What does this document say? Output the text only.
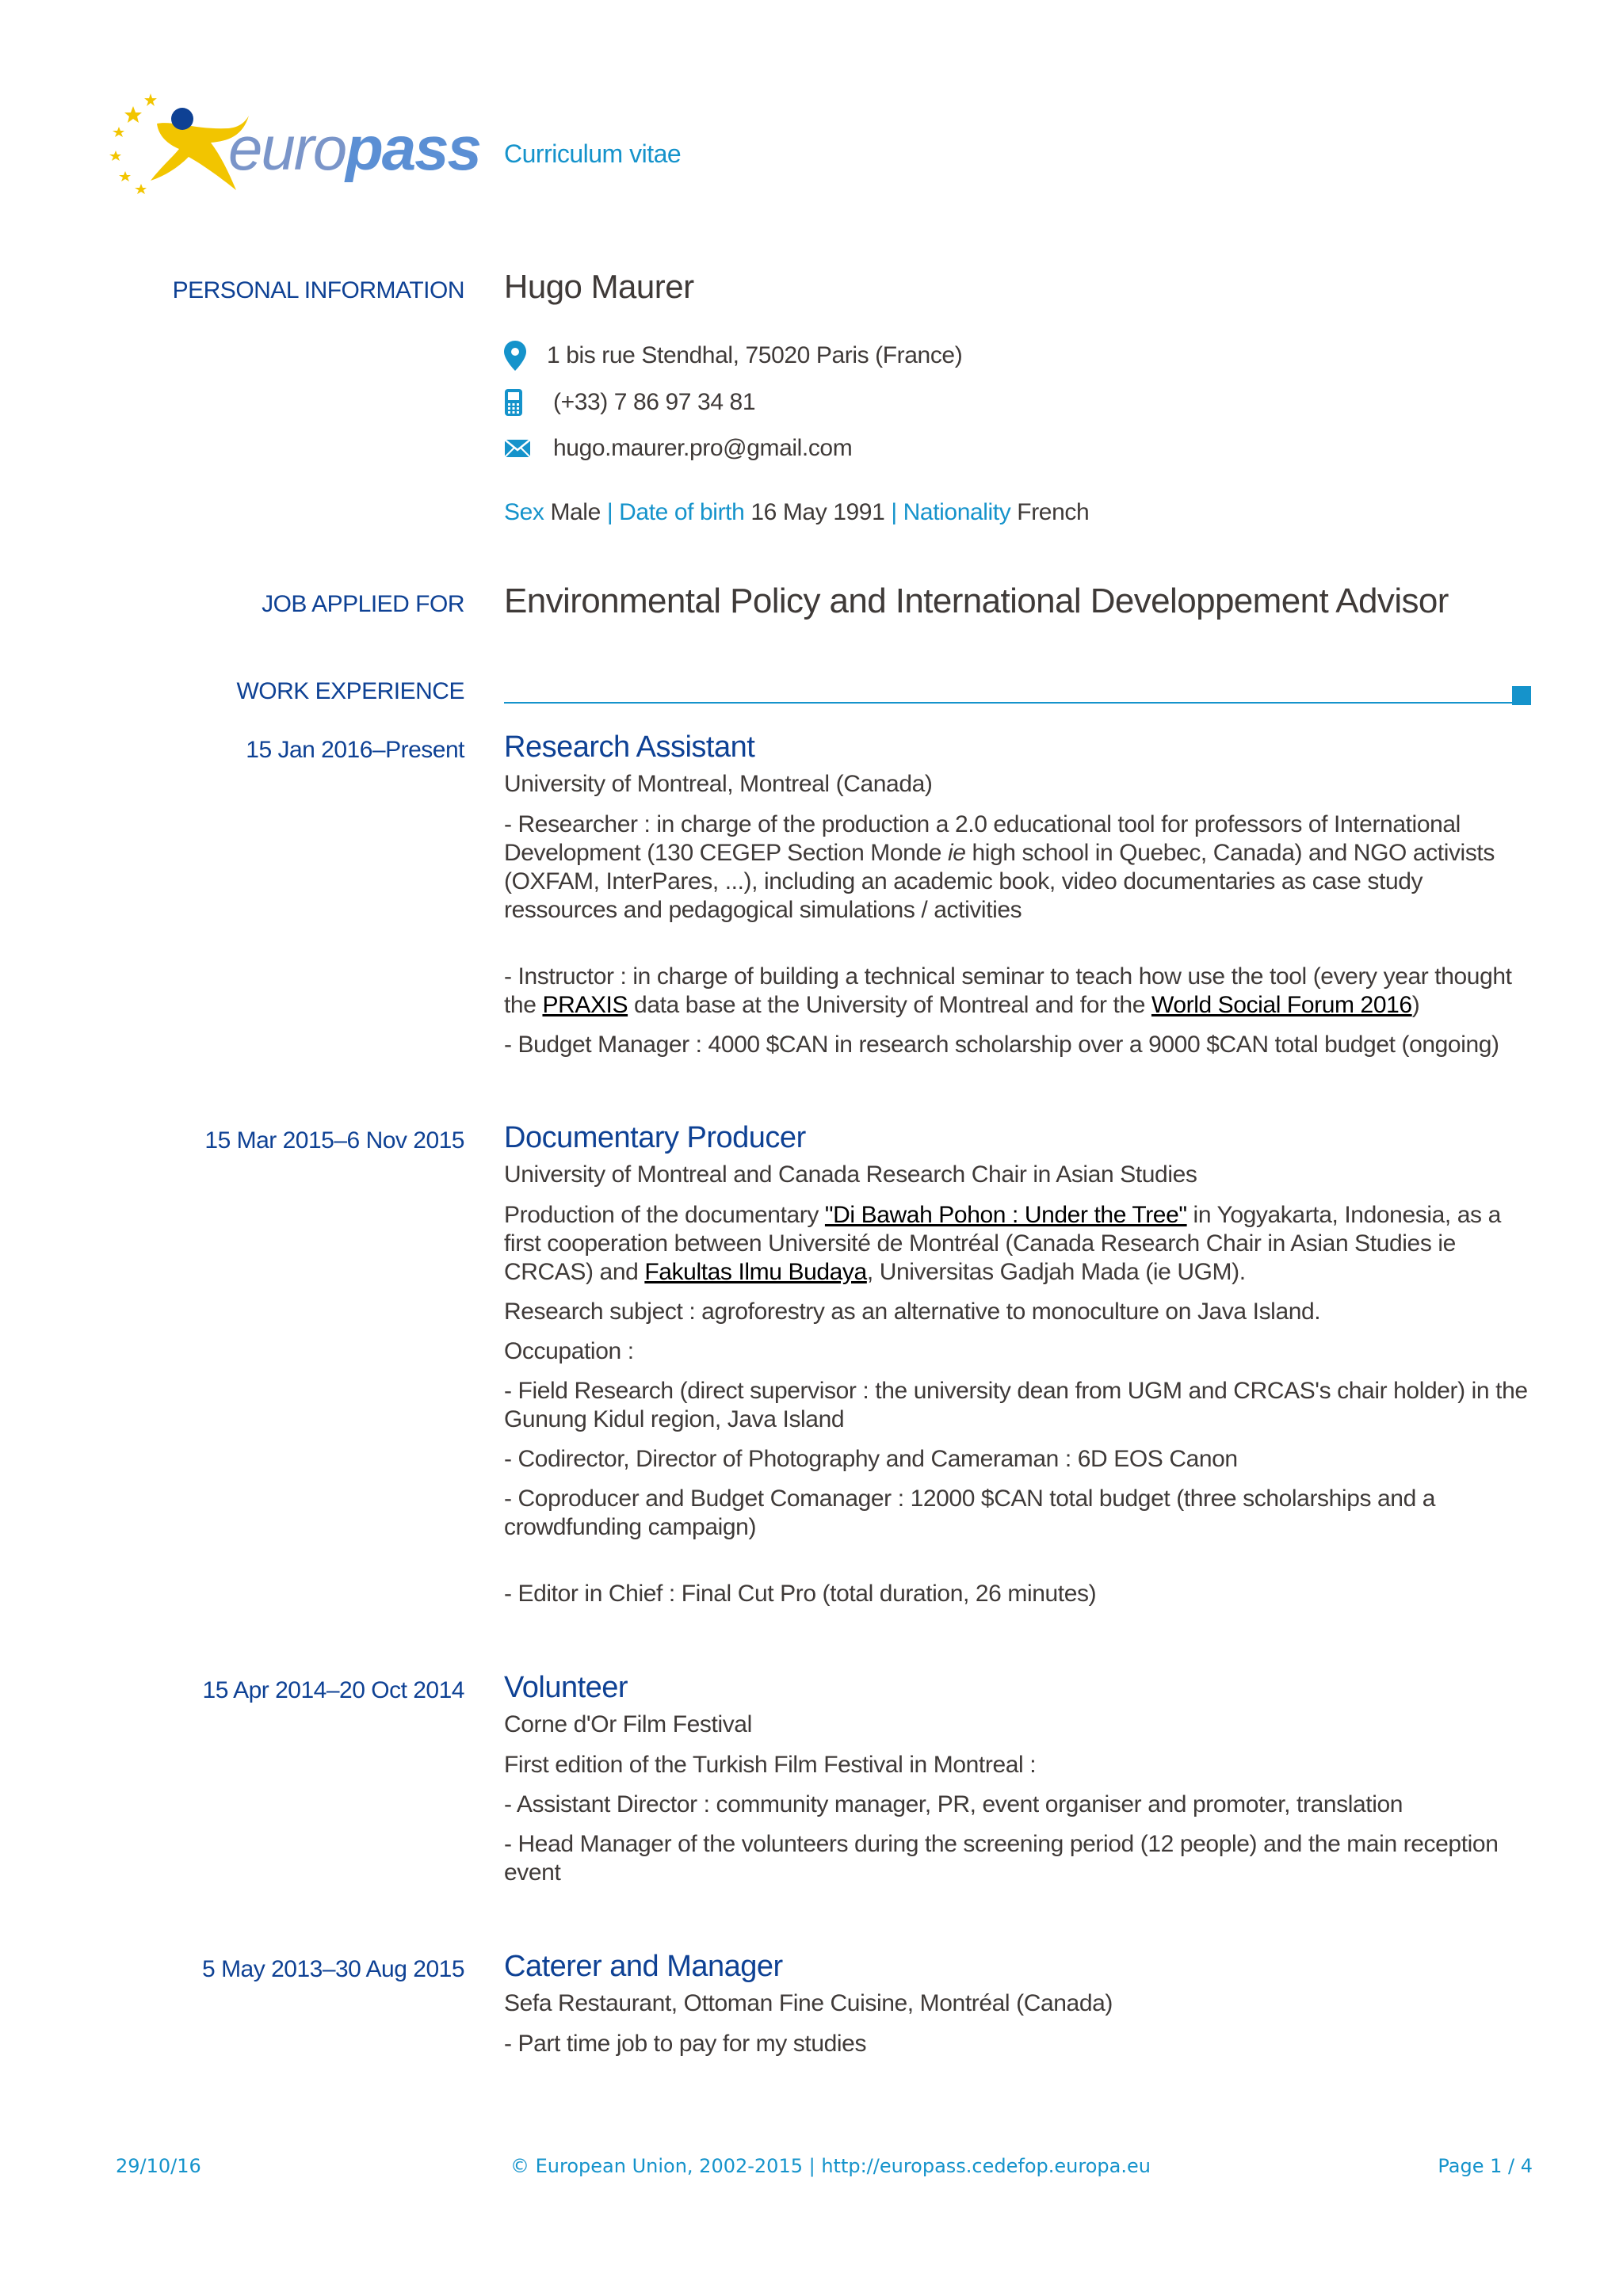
europass Curriculum vitae
PERSONAL INFORMATION Hugo Maurer
1 bis rue Stendhal, 75020 Paris (France)
(+33) 7 86 97 34 81
hugo.maurer.pro@gmail.com
Sex Male | Date of birth 16 May 1991 | Nationality French
JOB APPLIED FOR Environmental Policy and International Developpement Advisor
WORK EXPERIENCE
15 Jan 2016–Present Research Assistant
University of Montreal, Montreal (Canada)

- Researcher : in charge of the production a 2.0 educational tool for professors of International Development (130 CEGEP Section Monde ie high school in Quebec, Canada) and NGO activists (OXFAM, InterPares, ...), including an academic book, video documentaries as case study ressources and pedagogical simulations / activities

- Instructor : in charge of building a technical seminar to teach how use the tool (every year thought the PRAXIS data base at the University of Montreal and for the World Social Forum 2016)

- Budget Manager : 4000 $CAN in research scholarship over a 9000 $CAN total budget (ongoing)

15 Mar 2015–6 Nov 2015 Documentary Producer
University of Montreal and Canada Research Chair in Asian Studies

Production of the documentary "Di Bawah Pohon : Under the Tree" in Yogyakarta, Indonesia, as a first cooperation between Université de Montréal (Canada Research Chair in Asian Studies ie CRCAS) and Fakultas Ilmu Budaya, Universitas Gadjah Mada (ie UGM).

Research subject : agroforestry as an alternative to monoculture on Java Island.

Occupation :

- Field Research (direct supervisor : the university dean from UGM and CRCAS's chair holder) in the Gunung Kidul region, Java Island

- Codirector, Director of Photography and Cameraman : 6D EOS Canon

- Coproducer and Budget Comanager : 12000 $CAN total budget (three scholarships and a crowdfunding campaign)

- Editor in Chief : Final Cut Pro (total duration, 26 minutes)

15 Apr 2014–20 Oct 2014 Volunteer
Corne d'Or Film Festival

First edition of the Turkish Film Festival in Montreal :

- Assistant Director : community manager, PR, event organiser and promoter, translation

- Head Manager of the volunteers during the screening period (12 people) and the main reception event

5 May 2013–30 Aug 2015 Caterer and Manager
Sefa Restaurant, Ottoman Fine Cuisine, Montréal (Canada)

- Part time job to pay for my studies

29/10/16	© European Union, 2002-2015 | http://europass.cedefop.europa.eu	Page 1 / 4
